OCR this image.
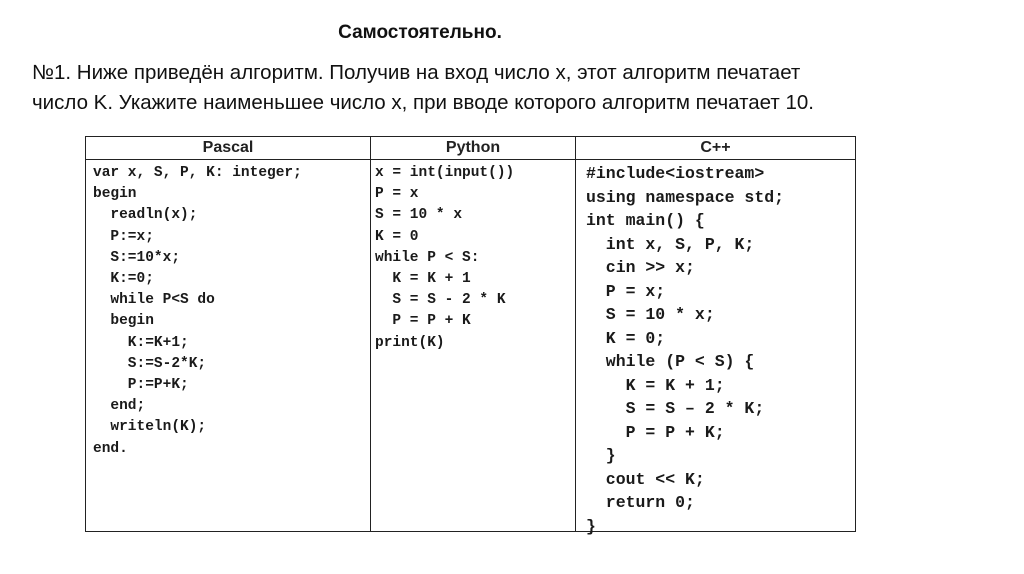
Самостоятельно.
№1. Ниже приведён алгоритм. Получив на вход число x, этот алгоритм печатает
число K. Укажите наименьшее число x, при вводе которого алгоритм печатает 10.
Pascal
var x, S, P, K: integer;
begin
readln(x);
P:=x;
S:=10*x;
K:=0;
while P<S do
begin
K:=K+1;
S:=S-2*K;
P:=P+K;
end;
writeln(K);
end.
Python
x = int(input())
P = x
S = 10 * x
K = 0
while P < S:
K = K + 1
S = S - 2 * K
P = P + K
print(K)
C++
#include<iostream>
using namespace std;
int main() {
int x, S, P, K;
cin >> x;
P = x;
S = 10 * x;
K = 0;
while (P < S) {
K = K + 1;
S = S – 2 * K;
P = P + K;
}
cout << K;
return 0;
}
